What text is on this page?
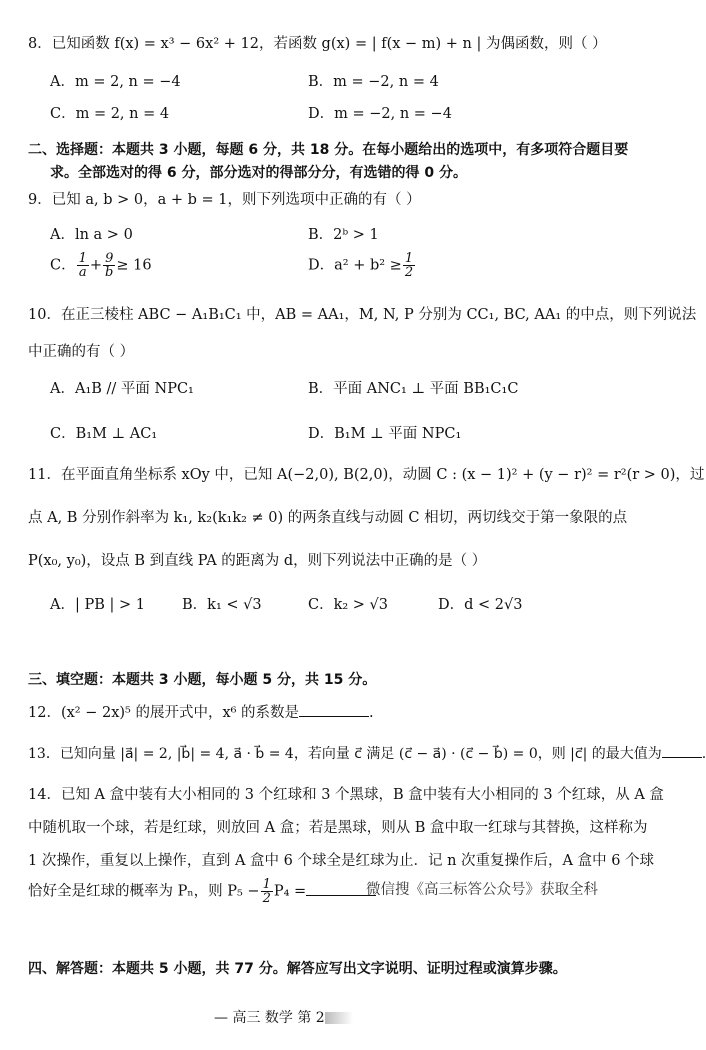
8．已知函数 f(x) = x³ − 6x² + 12，若函数 g(x) = | f(x − m) + n | 为偶函数，则（ ）
A．m = 2, n = −4	B．m = −2, n = 4
C．m = 2, n = 4	D．m = −2, n = −4
二、选择题：本题共 3 小题，每题 6 分，共 18 分。在每小题给出的选项中，有多项符合题目要
求。全部选对的得 6 分，部分选对的得部分分，有选错的得 0 分。
9．已知 a, b > 0，a + b = 1，则下列选项中正确的有（ ）
A．ln a > 0	B．2ᵇ > 1
C． $\frac{1}{a} + \frac{9}{b} \ge 16$	D．$a^2 + b^2 \ge \frac{1}{2}$
10．在正三棱柱 ABC − A₁B₁C₁ 中，AB = AA₁，M, N, P 分别为 CC₁, BC, AA₁ 的中点，则下列说法
中正确的有（ ）
A．A₁B // 平面 NPC₁	B．平面 ANC₁ ⊥ 平面 BB₁C₁C
C．B₁M ⊥ AC₁	D．B₁M ⊥ 平面 NPC₁
11．在平面直角坐标系 xOy 中，已知 A(−2,0), B(2,0)，动圆 C : (x − 1)² + (y − r)² = r²(r > 0)，过
点 A, B 分别作斜率为 k₁, k₂(k₁k₂ ≠ 0) 的两条直线与动圆 C 相切，两切线交于第一象限的点
P(x₀, y₀)，设点 B 到直线 PA 的距离为 d，则下列说法中正确的是（ ）
A．| PB | > 1	B．k₁ < √3	C．k₂ > √3	D．d < 2√3
三、填空题：本题共 3 小题，每小题 5 分，共 15 分。
12．(x² − 2x)⁵ 的展开式中，x⁶ 的系数是	.
13．已知向量 |a⃗| = 2, |b⃗| = 4, a⃗ · b⃗ = 4，若向量 c⃗ 满足 (c⃗ − a⃗) · (c⃗ − b⃗) = 0，则 |c⃗| 的最大值为	.
14．已知 A 盒中装有大小相同的 3 个红球和 3 个黑球，B 盒中装有大小相同的 3 个红球，从 A 盒
中随机取一个球，若是红球，则放回 A 盒；若是黑球，则从 B 盒中取一红球与其替换，这样称为
1 次操作，重复以上操作，直到 A 盒中 6 个球全是红球为止．记 n 次重复操作后，A 盒中 6 个球
恰好全是红球的概率为 Pₙ，则 $P_5 - \frac{1}{2} P_4$ =	微信搜《高三标答公众号》获取全科
四、解答题：本题共 5 小题，共 77 分。解答应写出文字说明、证明过程或演算步骤。
— 高三 数学 第 2
